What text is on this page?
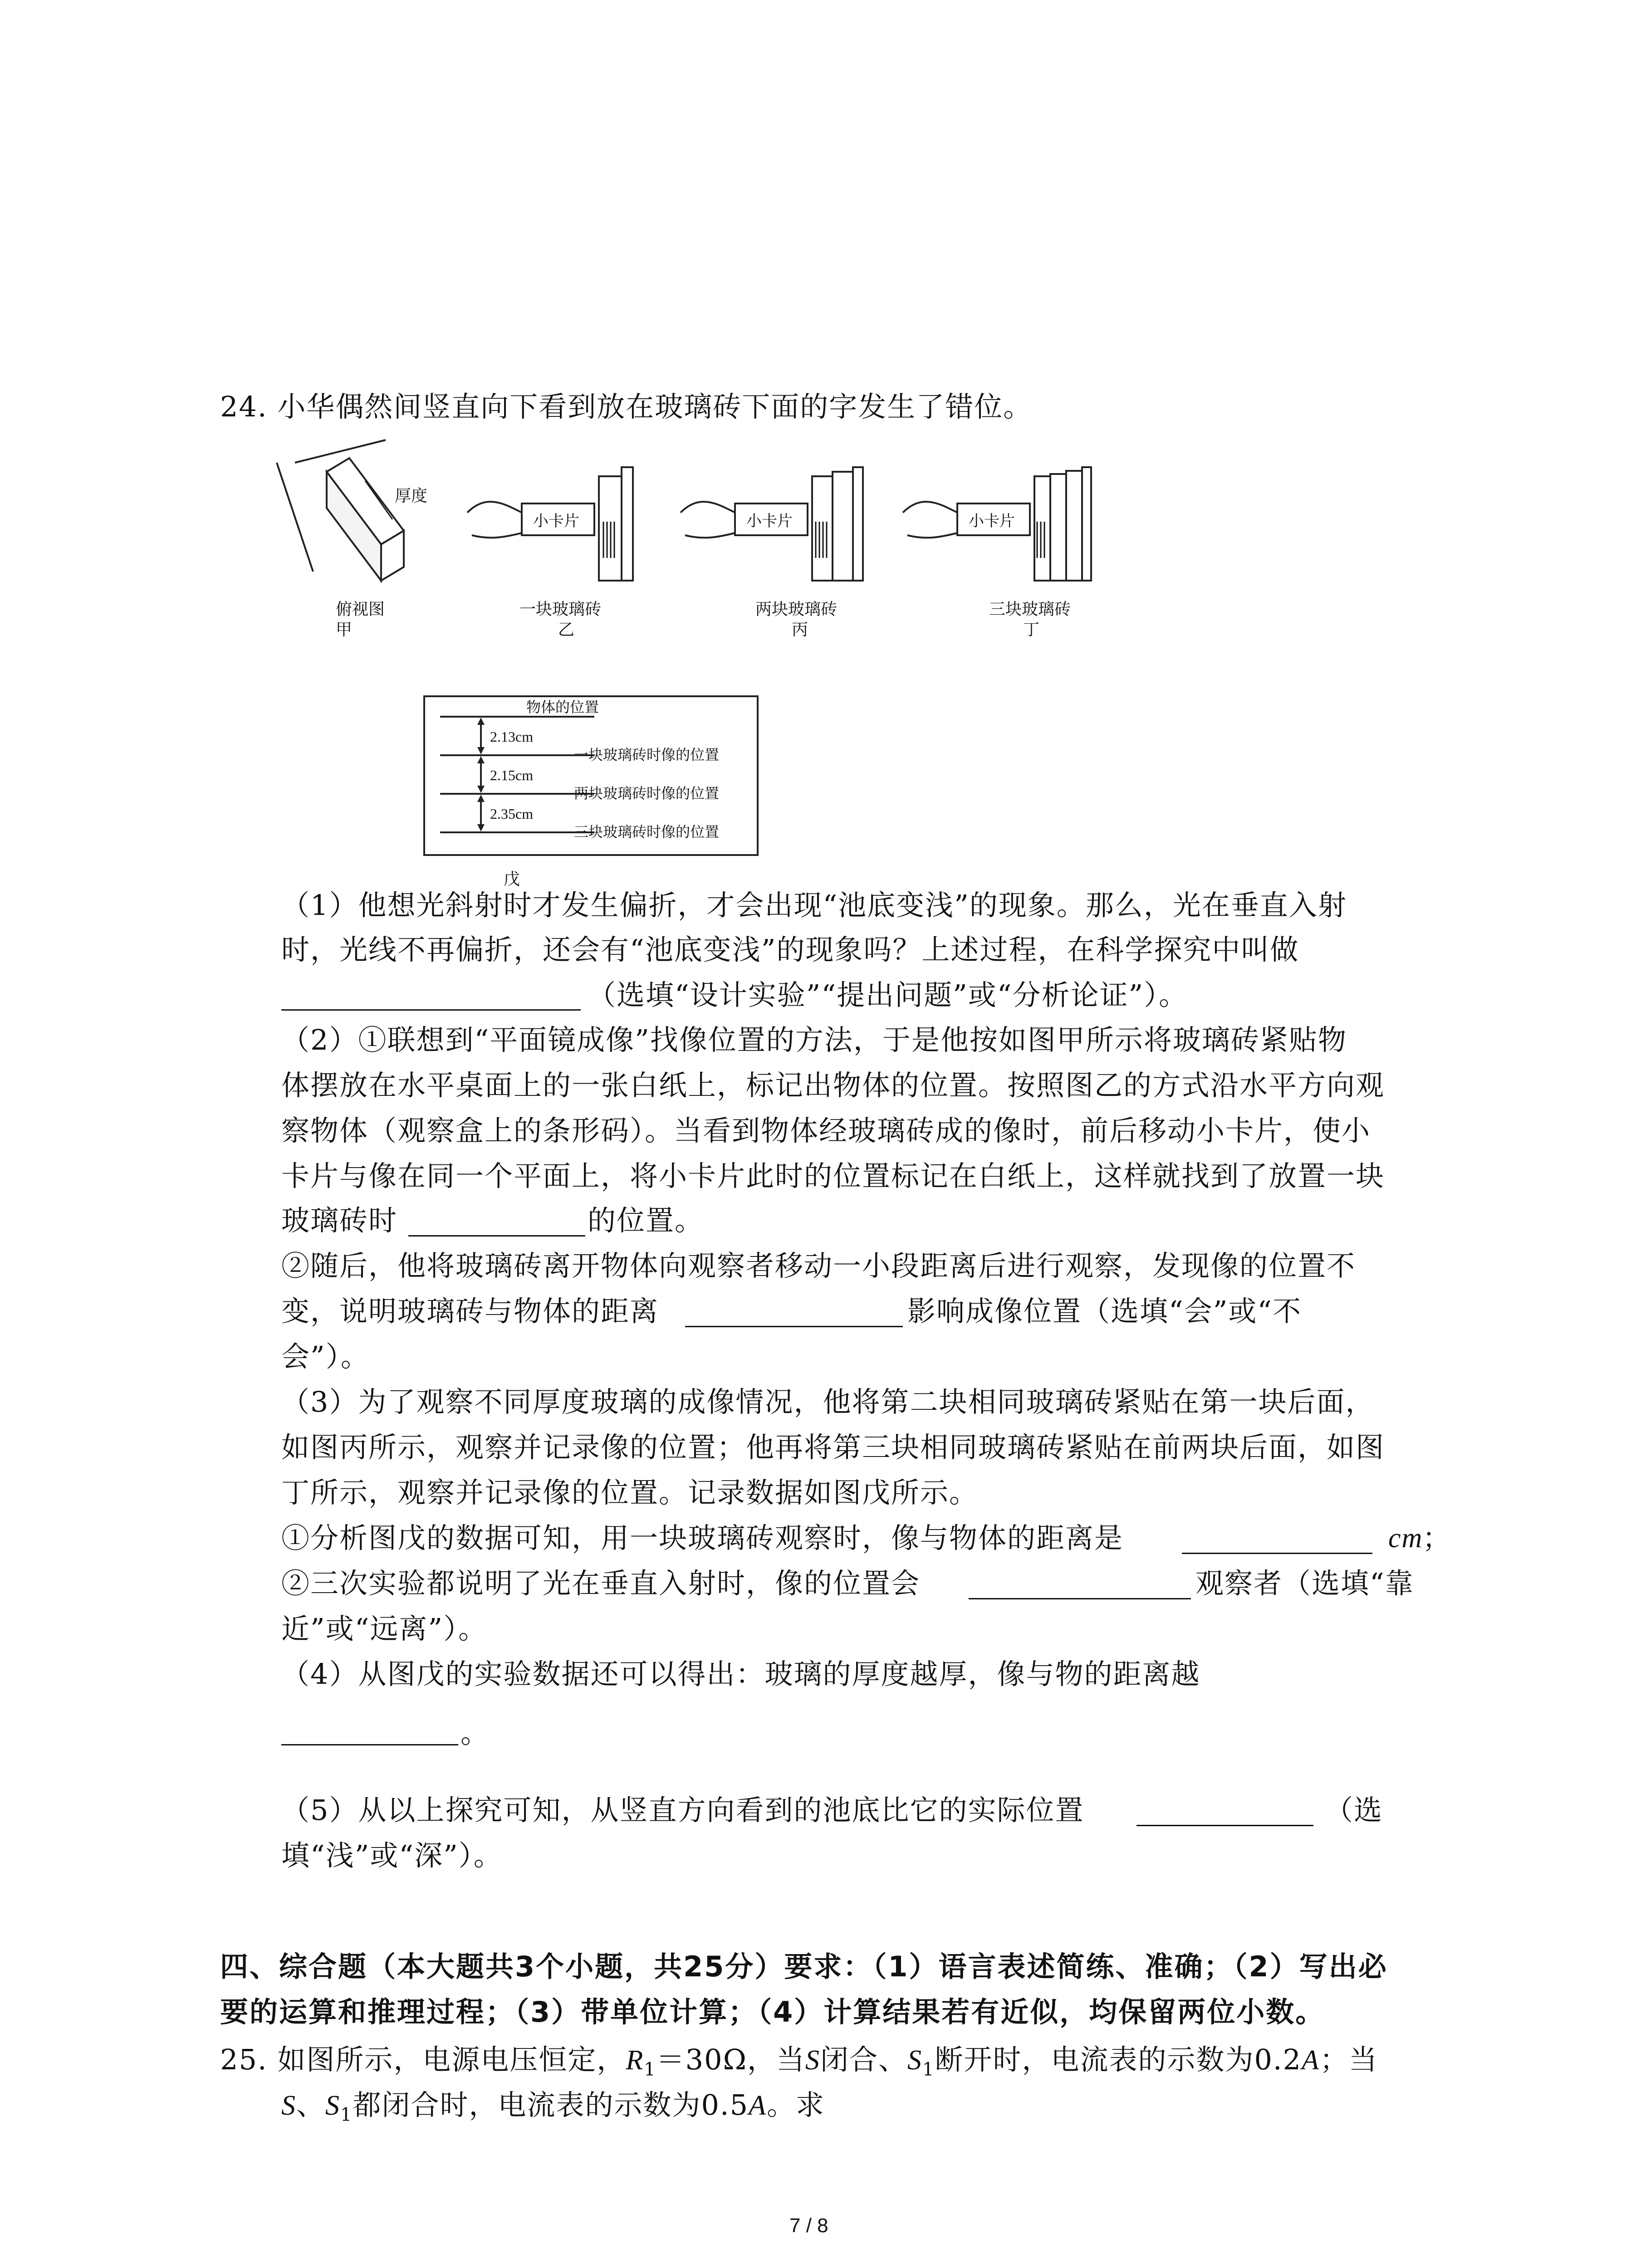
24. 小华偶然间竖直向下看到放在玻璃砖下面的字发生了错位。
厚度
俯视图
甲
小卡片
一块玻璃砖
乙
小卡片
两块玻璃砖
丙
小卡片
三块玻璃砖
丁
物体的位置
一块玻璃砖时像的位置
两块玻璃砖时像的位置
三块玻璃砖时像的位置
2.13cm
2.15cm
2.35cm
戊
（1）他想光斜射时才发生偏折，才会出现“池底变浅”的现象。那么，光在垂直入射
时，光线不再偏折，还会有“池底变浅”的现象吗？上述过程，在科学探究中叫做
（选填“设计实验”“提出问题”或“分析论证”）。
（2）①联想到“平面镜成像”找像位置的方法，于是他按如图甲所示将玻璃砖紧贴物
体摆放在水平桌面上的一张白纸上，标记出物体的位置。按照图乙的方式沿水平方向观
察物体（观察盒上的条形码）。当看到物体经玻璃砖成的像时，前后移动小卡片，使小
卡片与像在同一个平面上，将小卡片此时的位置标记在白纸上，这样就找到了放置一块
玻璃砖时	的位置。
②随后，他将玻璃砖离开物体向观察者移动一小段距离后进行观察，发现像的位置不
变，说明玻璃砖与物体的距离	影响成像位置（选填“会”或“不
会”）。
（3）为了观察不同厚度玻璃的成像情况，他将第二块相同玻璃砖紧贴在第一块后面，
如图丙所示，观察并记录像的位置；他再将第三块相同玻璃砖紧贴在前两块后面，如图
丁所示，观察并记录像的位置。记录数据如图戊所示。
①分析图戊的数据可知，用一块玻璃砖观察时，像与物体的距离是	cm
；
②三次实验都说明了光在垂直入射时，像的位置会	观察者（选填“靠
近”或“远离”）。
（4）从图戊的实验数据还可以得出：玻璃的厚度越厚，像与物的距离越
。
（5）从以上探究可知，从竖直方向看到的池底比它的实际位置	（选
填“浅”或“深”）。
四、综合题（本大题共3个小题，共25分）要求：（1）语言表述简练、准确；（2）写出必
要的运算和推理过程；（3）带单位计算；（4）计算结果若有近似，均保留两位小数。
25. 如图所示，电源电压恒定，$R_1=30\Omega$，当S闭合、$S_1$断开时，电流表的示数为0.2A；当
S、$S_1$都闭合时，电流表的示数为0.5A。求
7 / 8
